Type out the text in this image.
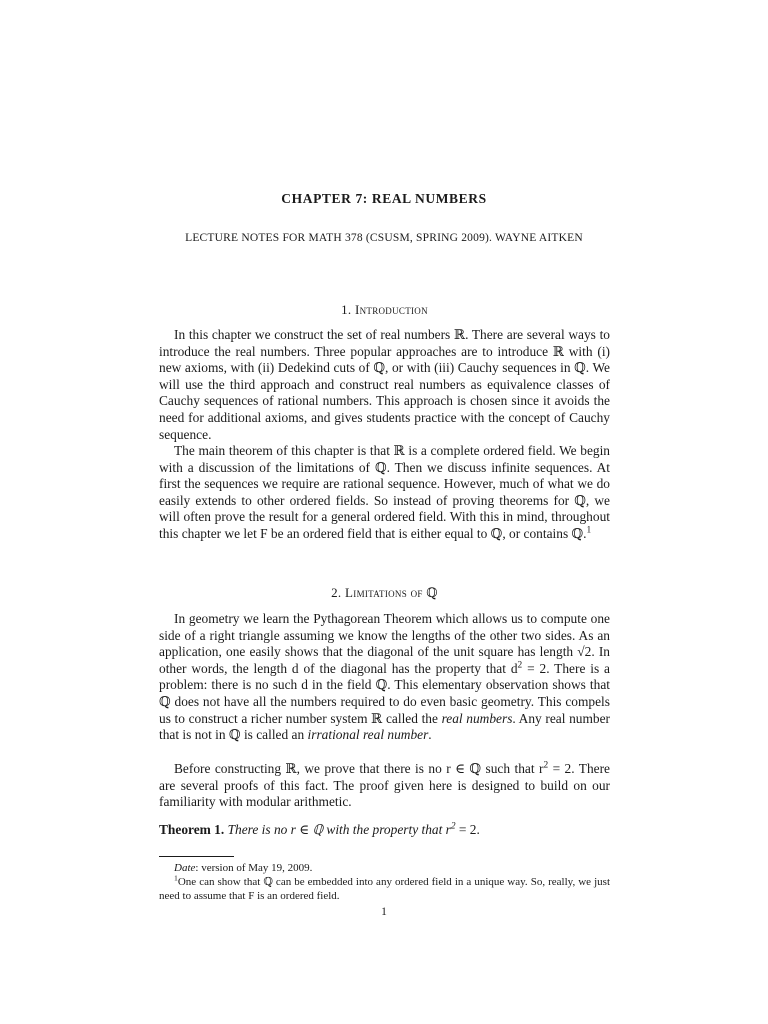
CHAPTER 7: REAL NUMBERS
LECTURE NOTES FOR MATH 378 (CSUSM, SPRING 2009). WAYNE AITKEN
1. Introduction
In this chapter we construct the set of real numbers ℝ. There are several ways to introduce the real numbers. Three popular approaches are to introduce ℝ with (i) new axioms, with (ii) Dedekind cuts of ℚ, or with (iii) Cauchy sequences in ℚ. We will use the third approach and construct real numbers as equivalence classes of Cauchy sequences of rational numbers. This approach is chosen since it avoids the need for additional axioms, and gives students practice with the concept of Cauchy sequence.
The main theorem of this chapter is that ℝ is a complete ordered field. We begin with a discussion of the limitations of ℚ. Then we discuss infinite sequences. At first the sequences we require are rational sequence. However, much of what we do easily extends to other ordered fields. So instead of proving theorems for ℚ, we will often prove the result for a general ordered field. With this in mind, throughout this chapter we let F be an ordered field that is either equal to ℚ, or contains ℚ.$^1$
2. Limitations of ℚ
In geometry we learn the Pythagorean Theorem which allows us to compute one side of a right triangle assuming we know the lengths of the other two sides. As an application, one easily shows that the diagonal of the unit square has length √2. In other words, the length d of the diagonal has the property that $d^2 = 2$. There is a problem: there is no such d in the field ℚ. This elementary observation shows that ℚ does not have all the numbers required to do even basic geometry. This compels us to construct a richer number system ℝ called the real numbers. Any real number that is not in ℚ is called an irrational real number.
Before constructing ℝ, we prove that there is no r ∈ ℚ such that $r^2 = 2$. There are several proofs of this fact. The proof given here is designed to build on our familiarity with modular arithmetic.
Theorem 1. There is no r ∈ ℚ with the property that $r^2 = 2$.
Date: version of May 19, 2009.
$^1$One can show that ℚ can be embedded into any ordered field in a unique way. So, really, we just need to assume that F is an ordered field.
1
